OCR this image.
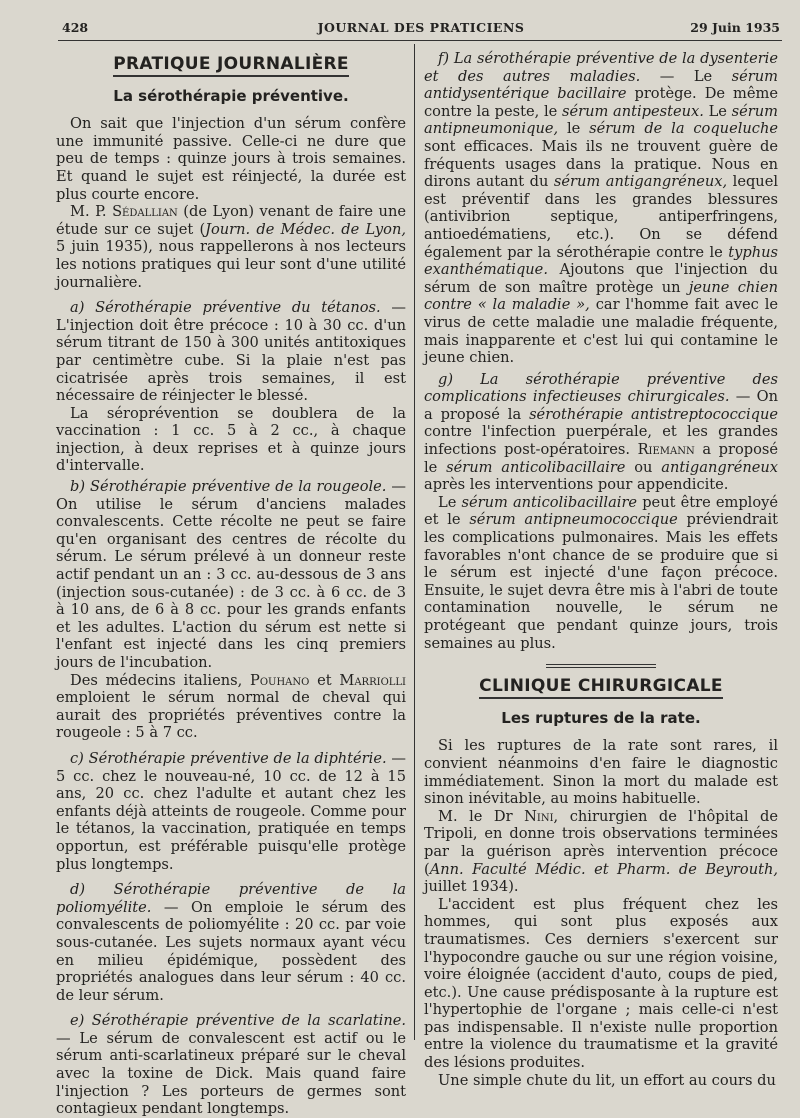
428	JOURNAL DES PRATICIENS	29 Juin 1935
PRATIQUE JOURNALIÈRE
La sérothérapie préventive.

On sait que l'injection d'un sérum confère une immunité passive. Celle-ci ne dure que peu de temps : quinze jours à trois semaines. Et quand le sujet est réinjecté, la durée est plus courte encore.

M. P. Sédallian (de Lyon) venant de faire une étude sur ce sujet (Journ. de Médec. de Lyon, 5 juin 1935), nous rappellerons à nos lecteurs les notions pratiques qui leur sont d'une utilité journalière.

a) Sérothérapie préventive du tétanos. — L'injection doit être précoce : 10 à 30 cc. d'un sérum titrant de 150 à 300 unités antitoxiques par centimètre cube. Si la plaie n'est pas cicatrisée après trois semaines, il est nécessaire de réinjecter le blessé.

La séroprévention se doublera de la vaccination : 1 cc. 5 à 2 cc., à chaque injection, à deux reprises et à quinze jours d'intervalle.

b) Sérothérapie préventive de la rougeole. — On utilise le sérum d'anciens malades convalescents. Cette récolte ne peut se faire qu'en organisant des centres de récolte du sérum. Le sérum prélevé à un donneur reste actif pendant un an : 3 cc. au-dessous de 3 ans (injection sous-cutanée) : de 3 cc. à 6 cc. de 3 à 10 ans, de 6 à 8 cc. pour les grands enfants et les adultes. L'action du sérum est nette si l'enfant est injecté dans les cinq premiers jours de l'incubation.

Des médecins italiens, Pouhano et Marriolli emploient le sérum normal de cheval qui aurait des propriétés préventives contre la rougeole : 5 à 7 cc.

c) Sérothérapie préventive de la diphtérie. — 5 cc. chez le nouveau-né, 10 cc. de 12 à 15 ans, 20 cc. chez l'adulte et autant chez les enfants déjà atteints de rougeole. Comme pour le tétanos, la vaccination, pratiquée en temps opportun, est préférable puisqu'elle protège plus longtemps.

d) Sérothérapie préventive de la poliomyélite. — On emploie le sérum des convalescents de poliomyélite : 20 cc. par voie sous-cutanée. Les sujets normaux ayant vécu en milieu épidémique, possèdent des propriétés analogues dans leur sérum : 40 cc. de leur sérum.

e) Sérothérapie préventive de la scarlatine. — Le sérum de convalescent est actif ou le sérum anti-scarlatineux préparé sur le cheval avec la toxine de Dick. Mais quand faire l'injection ? Les porteurs de germes sont contagieux pendant longtemps.

f) La sérothérapie préventive de la dysenterie et des autres maladies. — Le sérum antidysentérique bacillaire protège. De même contre la peste, le sérum antipesteux. Le sérum antipneumonique, le sérum de la coqueluche sont efficaces. Mais ils ne trouvent guère de fréquents usages dans la pratique. Nous en dirons autant du sérum antigangréneux, lequel est préventif dans les grandes blessures (antivibrion septique, antiperfringens, antioedématiens, etc.). On se défend également par la sérothérapie contre le typhus exanthématique. Ajoutons que l'injection du sérum de son maître protège un jeune chien contre « la maladie », car l'homme fait avec le virus de cette maladie une maladie fréquente, mais inapparente et c'est lui qui contamine le jeune chien.

g) La sérothérapie préventive des complications infectieuses chirurgicales. — On a proposé la sérothérapie antistreptococcique contre l'infection puerpérale, et les grandes infections post-opératoires. Riemann a proposé le sérum anticolibacillaire ou antigangréneux après les interventions pour appendicite.

Le sérum anticolibacillaire peut être employé et le sérum antipneumococcique préviendrait les complications pulmonaires. Mais les effets favorables n'ont chance de se produire que si le sérum est injecté d'une façon précoce. Ensuite, le sujet devra être mis à l'abri de toute contamination nouvelle, le sérum ne protégeant que pendant quinze jours, trois semaines au plus.

CLINIQUE CHIRURGICALE
Les ruptures de la rate.

Si les ruptures de la rate sont rares, il convient néanmoins d'en faire le diagnostic immédiatement. Sinon la mort du malade est sinon inévitable, au moins habituelle.

M. le Dr Nini, chirurgien de l'hôpital de Tripoli, en donne trois observations terminées par la guérison après intervention précoce (Ann. Faculté Médic. et Pharm. de Beyrouth, juillet 1934).

L'accident est plus fréquent chez les hommes, qui sont plus exposés aux traumatismes. Ces derniers s'exercent sur l'hypocondre gauche ou sur une région voisine, voire éloignée (accident d'auto, coups de pied, etc.). Une cause prédisposante à la rupture est l'hypertophie de l'organe ; mais celle-ci n'est pas indispensable. Il n'existe nulle proportion entre la violence du traumatisme et la gravité des lésions produites.

Une simple chute du lit, un effort au cours du
